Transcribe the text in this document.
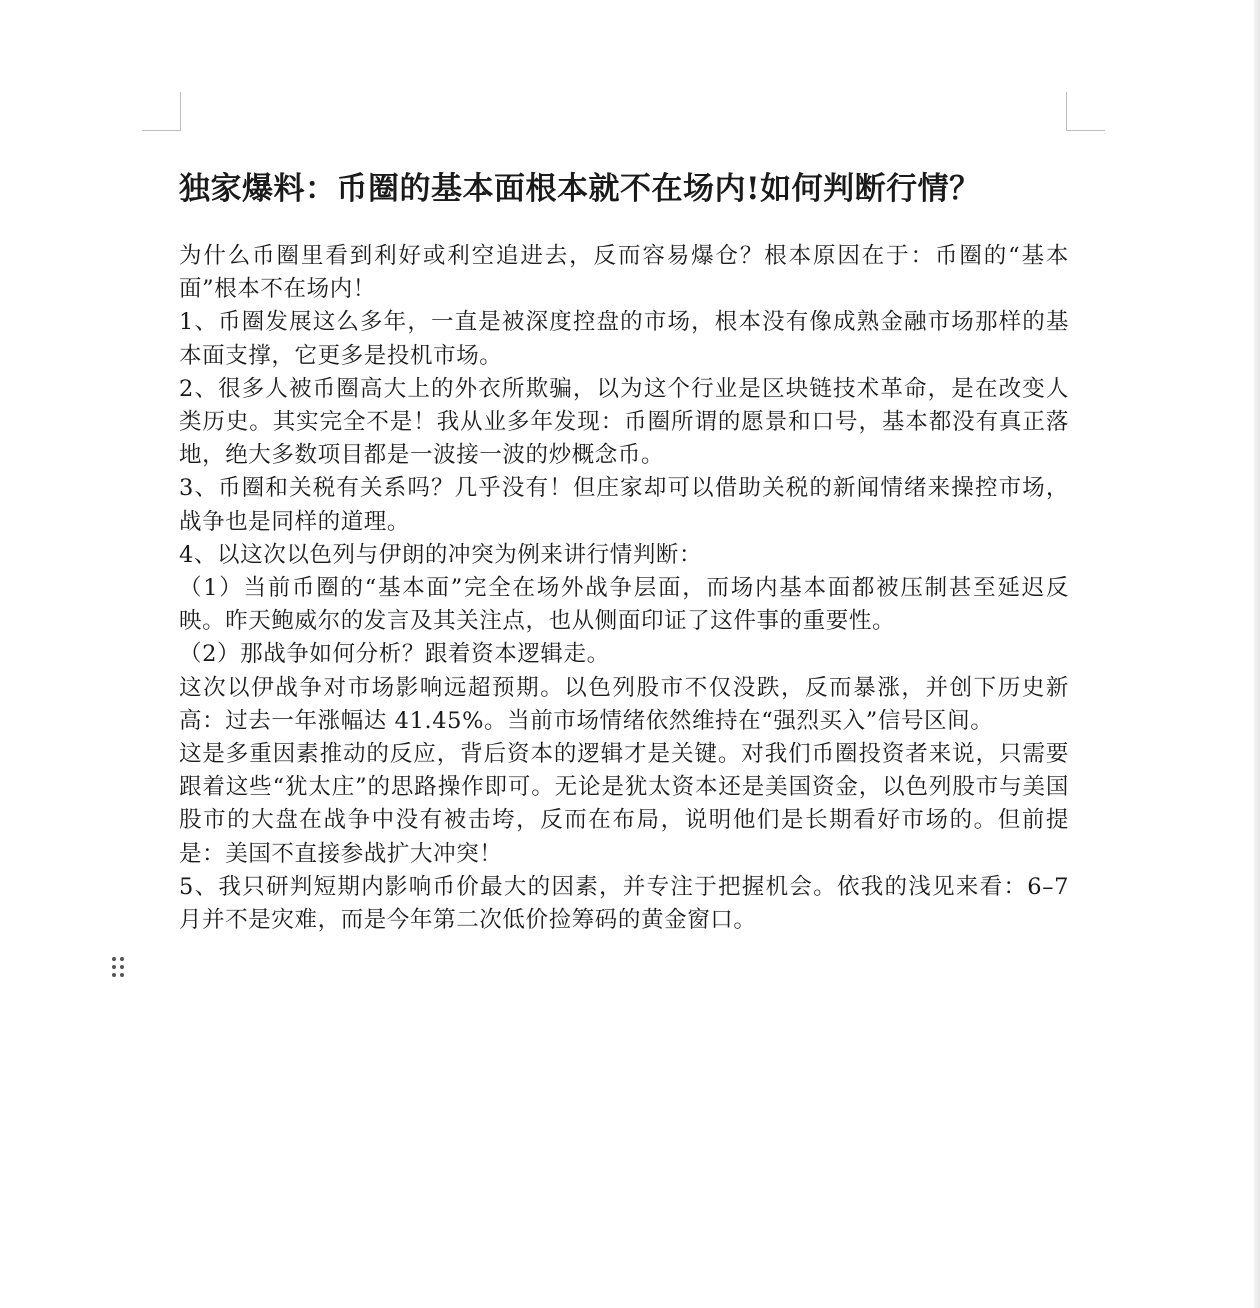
独家爆料：币圈的基本面根本就不在场内!如何判断行情？

为什么币圈里看到利好或利空追进去，反而容易爆仓？根本原因在于：币圈的“基本面”根本不在场内！

1、币圈发展这么多年，一直是被深度控盘的市场，根本没有像成熟金融市场那样的基本面支撑，它更多是投机市场。

2、很多人被币圈高大上的外衣所欺骗，以为这个行业是区块链技术革命，是在改变人类历史。其实完全不是！我从业多年发现：币圈所谓的愿景和口号，基本都没有真正落地，绝大多数项目都是一波接一波的炒概念币。

3、币圈和关税有关系吗？几乎没有！但庄家却可以借助关税的新闻情绪来操控市场，战争也是同样的道理。

4、以这次以色列与伊朗的冲突为例来讲行情判断：

（1）当前币圈的“基本面”完全在场外战争层面，而场内基本面都被压制甚至延迟反映。昨天鲍威尔的发言及其关注点，也从侧面印证了这件事的重要性。

（2）那战争如何分析？跟着资本逻辑走。

这次以伊战争对市场影响远超预期。以色列股市不仅没跌，反而暴涨，并创下历史新高：过去一年涨幅达 41.45%。当前市场情绪依然维持在“强烈买入”信号区间。

这是多重因素推动的反应，背后资本的逻辑才是关键。对我们币圈投资者来说，只需要跟着这些“犹太庄”的思路操作即可。无论是犹太资本还是美国资金，以色列股市与美国股市的大盘在战争中没有被击垮，反而在布局，说明他们是长期看好市场的。但前提是：美国不直接参战扩大冲突！

5、我只研判短期内影响币价最大的因素，并专注于把握机会。依我的浅见来看：6–7 月并不是灾难，而是今年第二次低价捡筹码的黄金窗口。
